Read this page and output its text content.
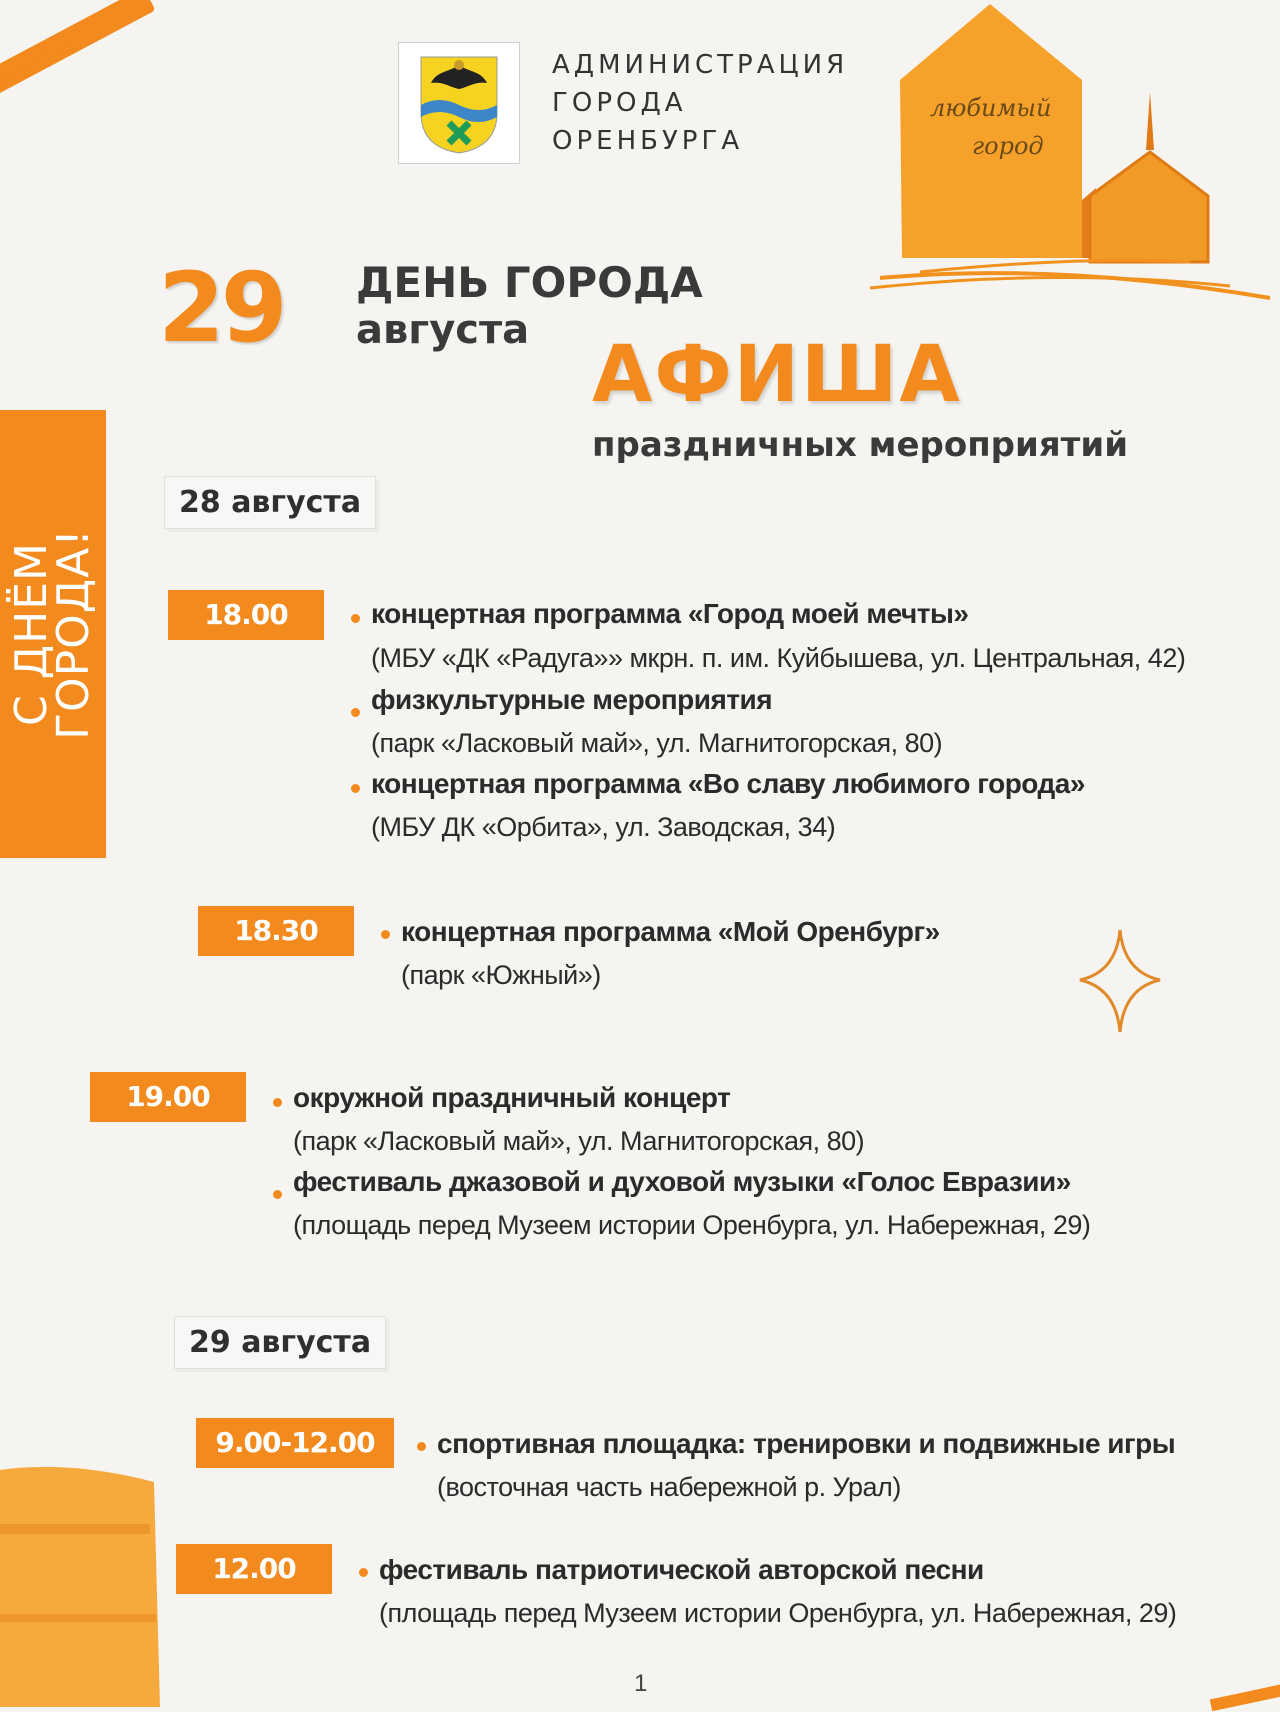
АДМИНИСТРАЦИЯ
ГОРОДА
ОРЕНБУРГА
любимый
город
29 ДЕНЬ ГОРОДА
августа АФИША
праздничных мероприятий
С ДНЁМ
ГОРОДА!
28 августа
18.00	концертная программа «Город моей мечты»
(МБУ «ДК «Радуга»» мкрн. п. им. Куйбышева, ул. Центральная, 42)
физкультурные мероприятия
(парк «Ласковый май», ул. Магнитогорская, 80)
концертная программа «Во славу любимого города»
(МБУ ДК «Орбита», ул. Заводская, 34)
18.30	концертная программа «Мой Оренбург»
(парк «Южный»)
19.00	окружной праздничный концерт
(парк «Ласковый май», ул. Магнитогорская, 80)
фестиваль джазовой и духовой музыки «Голос Евразии»
(площадь перед Музеем истории Оренбурга, ул. Набережная, 29)
29 августа
9.00-12.00	спортивная площадка: тренировки и подвижные игры
(восточная часть набережной р. Урал)
12.00	фестиваль патриотической авторской песни
(площадь перед Музеем истории Оренбурга, ул. Набережная, 29)
1
